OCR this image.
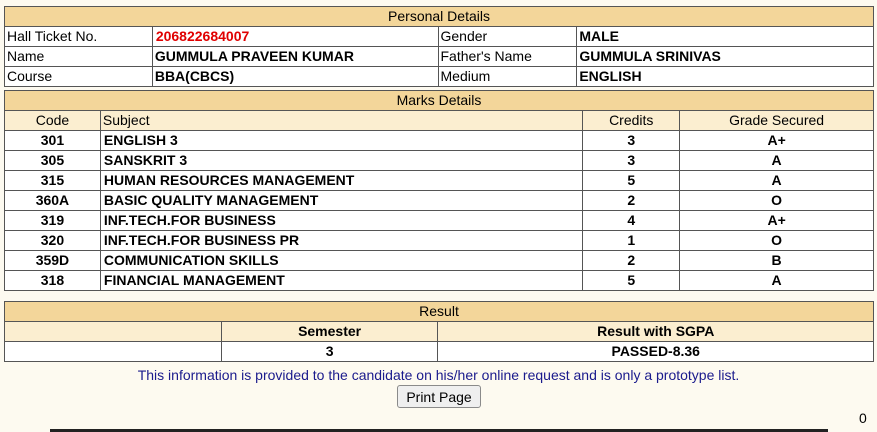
Personal Details			
Hall Ticket No.	206822684007	Gender	MALE
Name	GUMMULA PRAVEEN KUMAR	Father's Name	GUMMULA SRINIVAS
Course	BBA(CBCS)	Medium	ENGLISH
Marks Details			
Code	Subject	Credits	Grade Secured
301	ENGLISH 3	3	A+
305	SANSKRIT 3	3	A
315	HUMAN RESOURCES MANAGEMENT	5	A
360A	BASIC QUALITY MANAGEMENT	2	O
319	INF.TECH.FOR BUSINESS	4	A+
320	INF.TECH.FOR BUSINESS PR	1	O
359D	COMMUNICATION SKILLS	2	B
318	FINANCIAL MANAGEMENT	5	A
Result		
	Semester	Result with SGPA
	3	PASSED-8.36
This information is provided to the candidate on his/her online request and is only a prototype list.
Print Page
0
